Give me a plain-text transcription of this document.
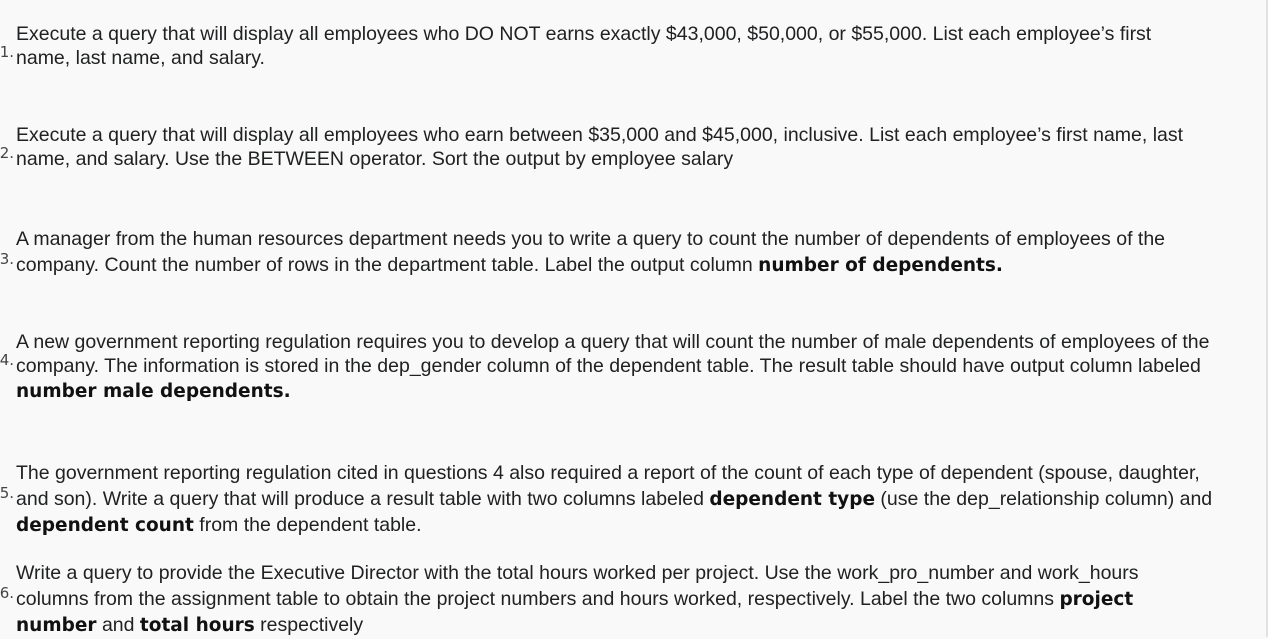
1.
Execute a query that will display all employees who DO NOT earns exactly $43,000, $50,000, or $55,000. List each employee’s first
name, last name, and salary.
2.
Execute a query that will display all employees who earn between $35,000 and $45,000, inclusive. List each employee’s first name, last
name, and salary. Use the BETWEEN operator. Sort the output by employee salary
3.
A manager from the human resources department needs you to write a query to count the number of dependents of employees of the
company. Count the number of rows in the department table. Label the output column number of dependents.
4.
A new government reporting regulation requires you to develop a query that will count the number of male dependents of employees of the
company. The information is stored in the dep_gender column of the dependent table. The result table should have output column labeled
number male dependents.
5.
The government reporting regulation cited in questions 4 also required a report of the count of each type of dependent (spouse, daughter,
and son). Write a query that will produce a result table with two columns labeled dependent type (use the dep_relationship column) and
dependent count from the dependent table.
6.
Write a query to provide the Executive Director with the total hours worked per project. Use the work_pro_number and work_hours
columns from the assignment table to obtain the project numbers and hours worked, respectively. Label the two columns project
number and total hours respectively
